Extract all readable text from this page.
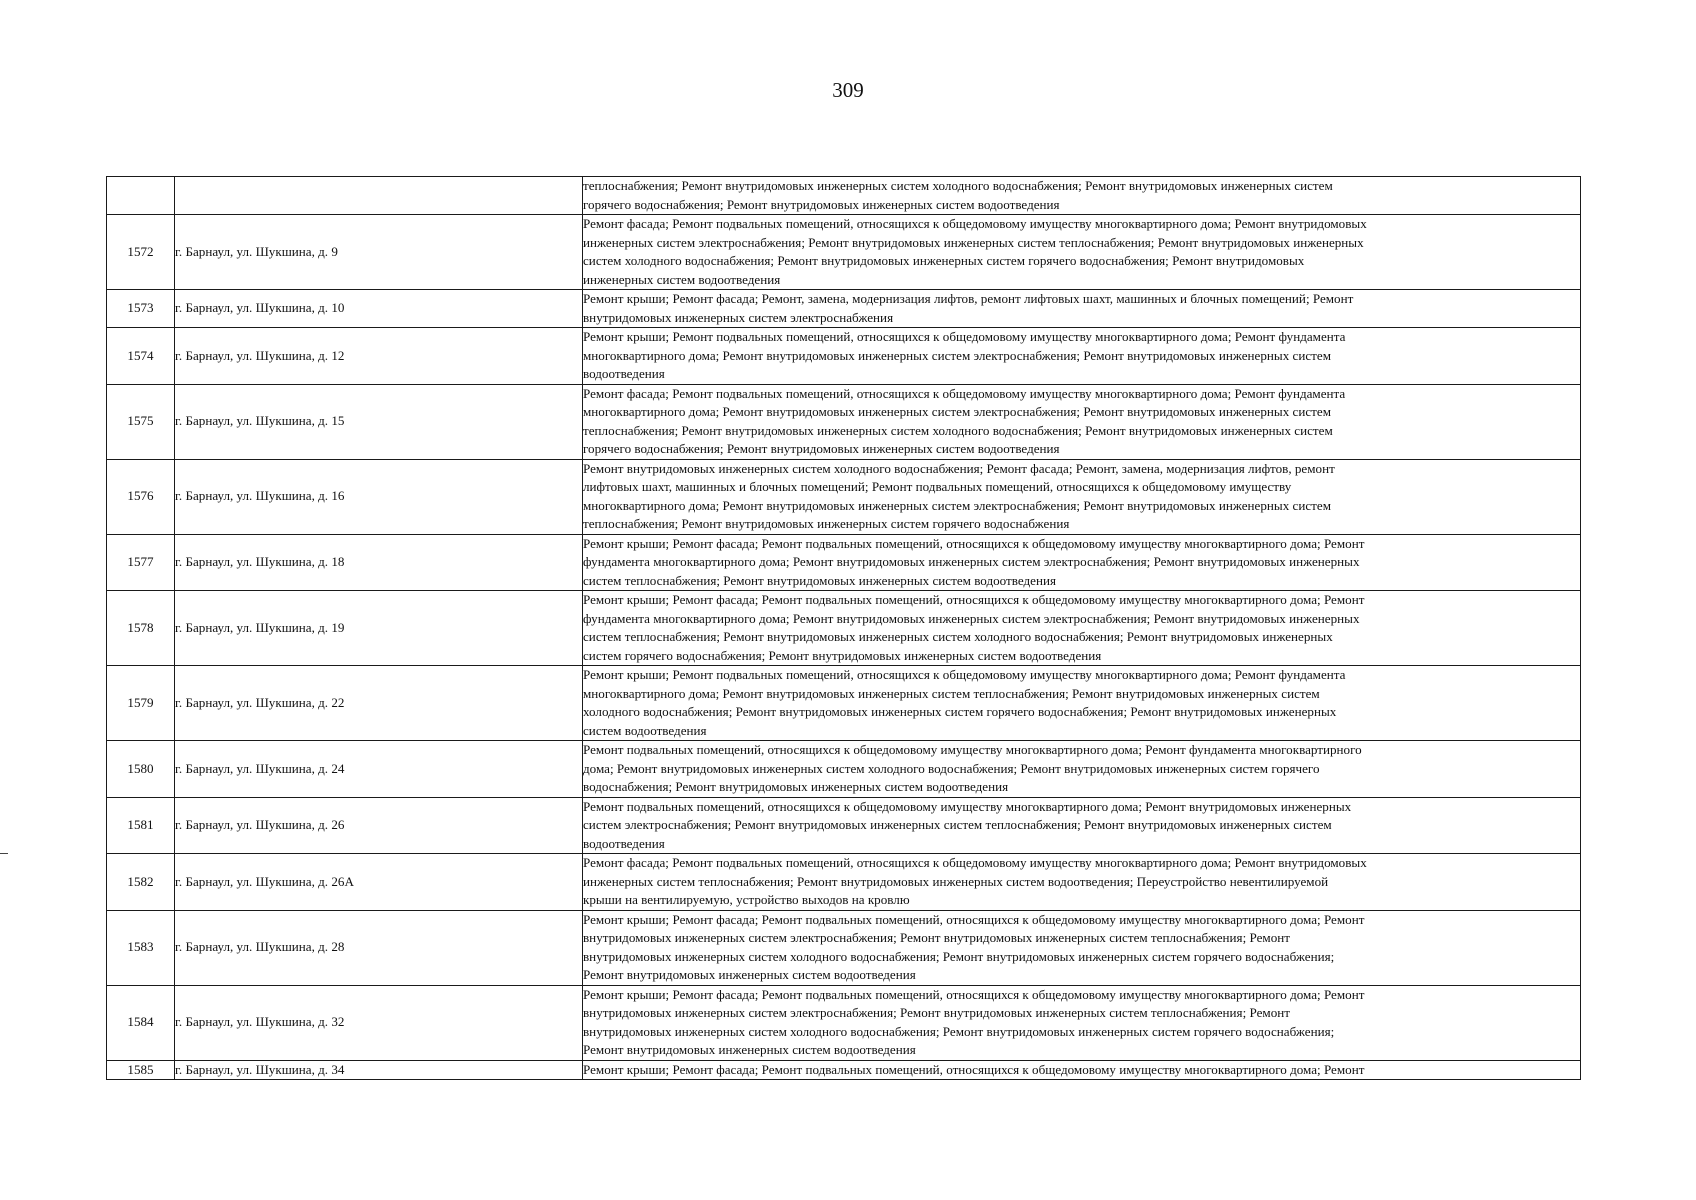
309

		теплоснабжения; Ремонт внутридомовых инженерных систем холодного водоснабжения; Ремонт внутридомовых инженерных систем
горячего водоснабжения; Ремонт внутридомовых инженерных систем водоотведения

1572	г. Барнаул, ул. Шукшина, д. 9	Ремонт фасада; Ремонт подвальных помещений, относящихся к общедомовому имуществу многоквартирного дома; Ремонт внутридомовых
инженерных систем электроснабжения; Ремонт внутридомовых инженерных систем теплоснабжения; Ремонт внутридомовых инженерных
систем холодного водоснабжения; Ремонт внутридомовых инженерных систем горячего водоснабжения; Ремонт внутридомовых
инженерных систем водоотведения

1573	г. Барнаул, ул. Шукшина, д. 10	Ремонт крыши; Ремонт фасада; Ремонт, замена, модернизация лифтов, ремонт лифтовых шахт, машинных и блочных помещений; Ремонт
внутридомовых инженерных систем электроснабжения

1574	г. Барнаул, ул. Шукшина, д. 12	Ремонт крыши; Ремонт подвальных помещений, относящихся к общедомовому имуществу многоквартирного дома; Ремонт фундамента
многоквартирного дома; Ремонт внутридомовых инженерных систем электроснабжения; Ремонт внутридомовых инженерных систем
водоотведения

1575	г. Барнаул, ул. Шукшина, д. 15	Ремонт фасада; Ремонт подвальных помещений, относящихся к общедомовому имуществу многоквартирного дома; Ремонт фундамента
многоквартирного дома; Ремонт внутридомовых инженерных систем электроснабжения; Ремонт внутридомовых инженерных систем
теплоснабжения; Ремонт внутридомовых инженерных систем холодного водоснабжения; Ремонт внутридомовых инженерных систем
горячего водоснабжения; Ремонт внутридомовых инженерных систем водоотведения

1576	г. Барнаул, ул. Шукшина, д. 16	Ремонт внутридомовых инженерных систем холодного водоснабжения; Ремонт фасада; Ремонт, замена, модернизация лифтов, ремонт
лифтовых шахт, машинных и блочных помещений; Ремонт подвальных помещений, относящихся к общедомовому имуществу
многоквартирного дома; Ремонт внутридомовых инженерных систем электроснабжения; Ремонт внутридомовых инженерных систем
теплоснабжения; Ремонт внутридомовых инженерных систем горячего водоснабжения

1577	г. Барнаул, ул. Шукшина, д. 18	Ремонт крыши; Ремонт фасада; Ремонт подвальных помещений, относящихся к общедомовому имуществу многоквартирного дома; Ремонт
фундамента многоквартирного дома; Ремонт внутридомовых инженерных систем электроснабжения; Ремонт внутридомовых инженерных
систем теплоснабжения; Ремонт внутридомовых инженерных систем водоотведения

1578	г. Барнаул, ул. Шукшина, д. 19	Ремонт крыши; Ремонт фасада; Ремонт подвальных помещений, относящихся к общедомовому имуществу многоквартирного дома; Ремонт
фундамента многоквартирного дома; Ремонт внутридомовых инженерных систем электроснабжения; Ремонт внутридомовых инженерных
систем теплоснабжения; Ремонт внутридомовых инженерных систем холодного водоснабжения; Ремонт внутридомовых инженерных
систем горячего водоснабжения; Ремонт внутридомовых инженерных систем водоотведения

1579	г. Барнаул, ул. Шукшина, д. 22	Ремонт крыши; Ремонт подвальных помещений, относящихся к общедомовому имуществу многоквартирного дома; Ремонт фундамента
многоквартирного дома; Ремонт внутридомовых инженерных систем теплоснабжения; Ремонт внутридомовых инженерных систем
холодного водоснабжения; Ремонт внутридомовых инженерных систем горячего водоснабжения; Ремонт внутридомовых инженерных
систем водоотведения

1580	г. Барнаул, ул. Шукшина, д. 24	Ремонт подвальных помещений, относящихся к общедомовому имуществу многоквартирного дома; Ремонт фундамента многоквартирного
дома; Ремонт внутридомовых инженерных систем холодного водоснабжения; Ремонт внутридомовых инженерных систем горячего
водоснабжения; Ремонт внутридомовых инженерных систем водоотведения

1581	г. Барнаул, ул. Шукшина, д. 26	Ремонт подвальных помещений, относящихся к общедомовому имуществу многоквартирного дома; Ремонт внутридомовых инженерных
систем электроснабжения; Ремонт внутридомовых инженерных систем теплоснабжения; Ремонт внутридомовых инженерных систем
водоотведения

1582	г. Барнаул, ул. Шукшина, д. 26А	Ремонт фасада; Ремонт подвальных помещений, относящихся к общедомовому имуществу многоквартирного дома; Ремонт внутридомовых
инженерных систем теплоснабжения; Ремонт внутридомовых инженерных систем водоотведения; Переустройство невентилируемой
крыши на вентилируемую, устройство выходов на кровлю

1583	г. Барнаул, ул. Шукшина, д. 28	Ремонт крыши; Ремонт фасада; Ремонт подвальных помещений, относящихся к общедомовому имуществу многоквартирного дома; Ремонт
внутридомовых инженерных систем электроснабжения; Ремонт внутридомовых инженерных систем теплоснабжения; Ремонт
внутридомовых инженерных систем холодного водоснабжения; Ремонт внутридомовых инженерных систем горячего водоснабжения;
Ремонт внутридомовых инженерных систем водоотведения

1584	г. Барнаул, ул. Шукшина, д. 32	Ремонт крыши; Ремонт фасада; Ремонт подвальных помещений, относящихся к общедомовому имуществу многоквартирного дома; Ремонт
внутридомовых инженерных систем электроснабжения; Ремонт внутридомовых инженерных систем теплоснабжения; Ремонт
внутридомовых инженерных систем холодного водоснабжения; Ремонт внутридомовых инженерных систем горячего водоснабжения;
Ремонт внутридомовых инженерных систем водоотведения

1585	г. Барнаул, ул. Шукшина, д. 34	Ремонт крыши; Ремонт фасада; Ремонт подвальных помещений, относящихся к общедомовому имуществу многоквартирного дома; Ремонт
